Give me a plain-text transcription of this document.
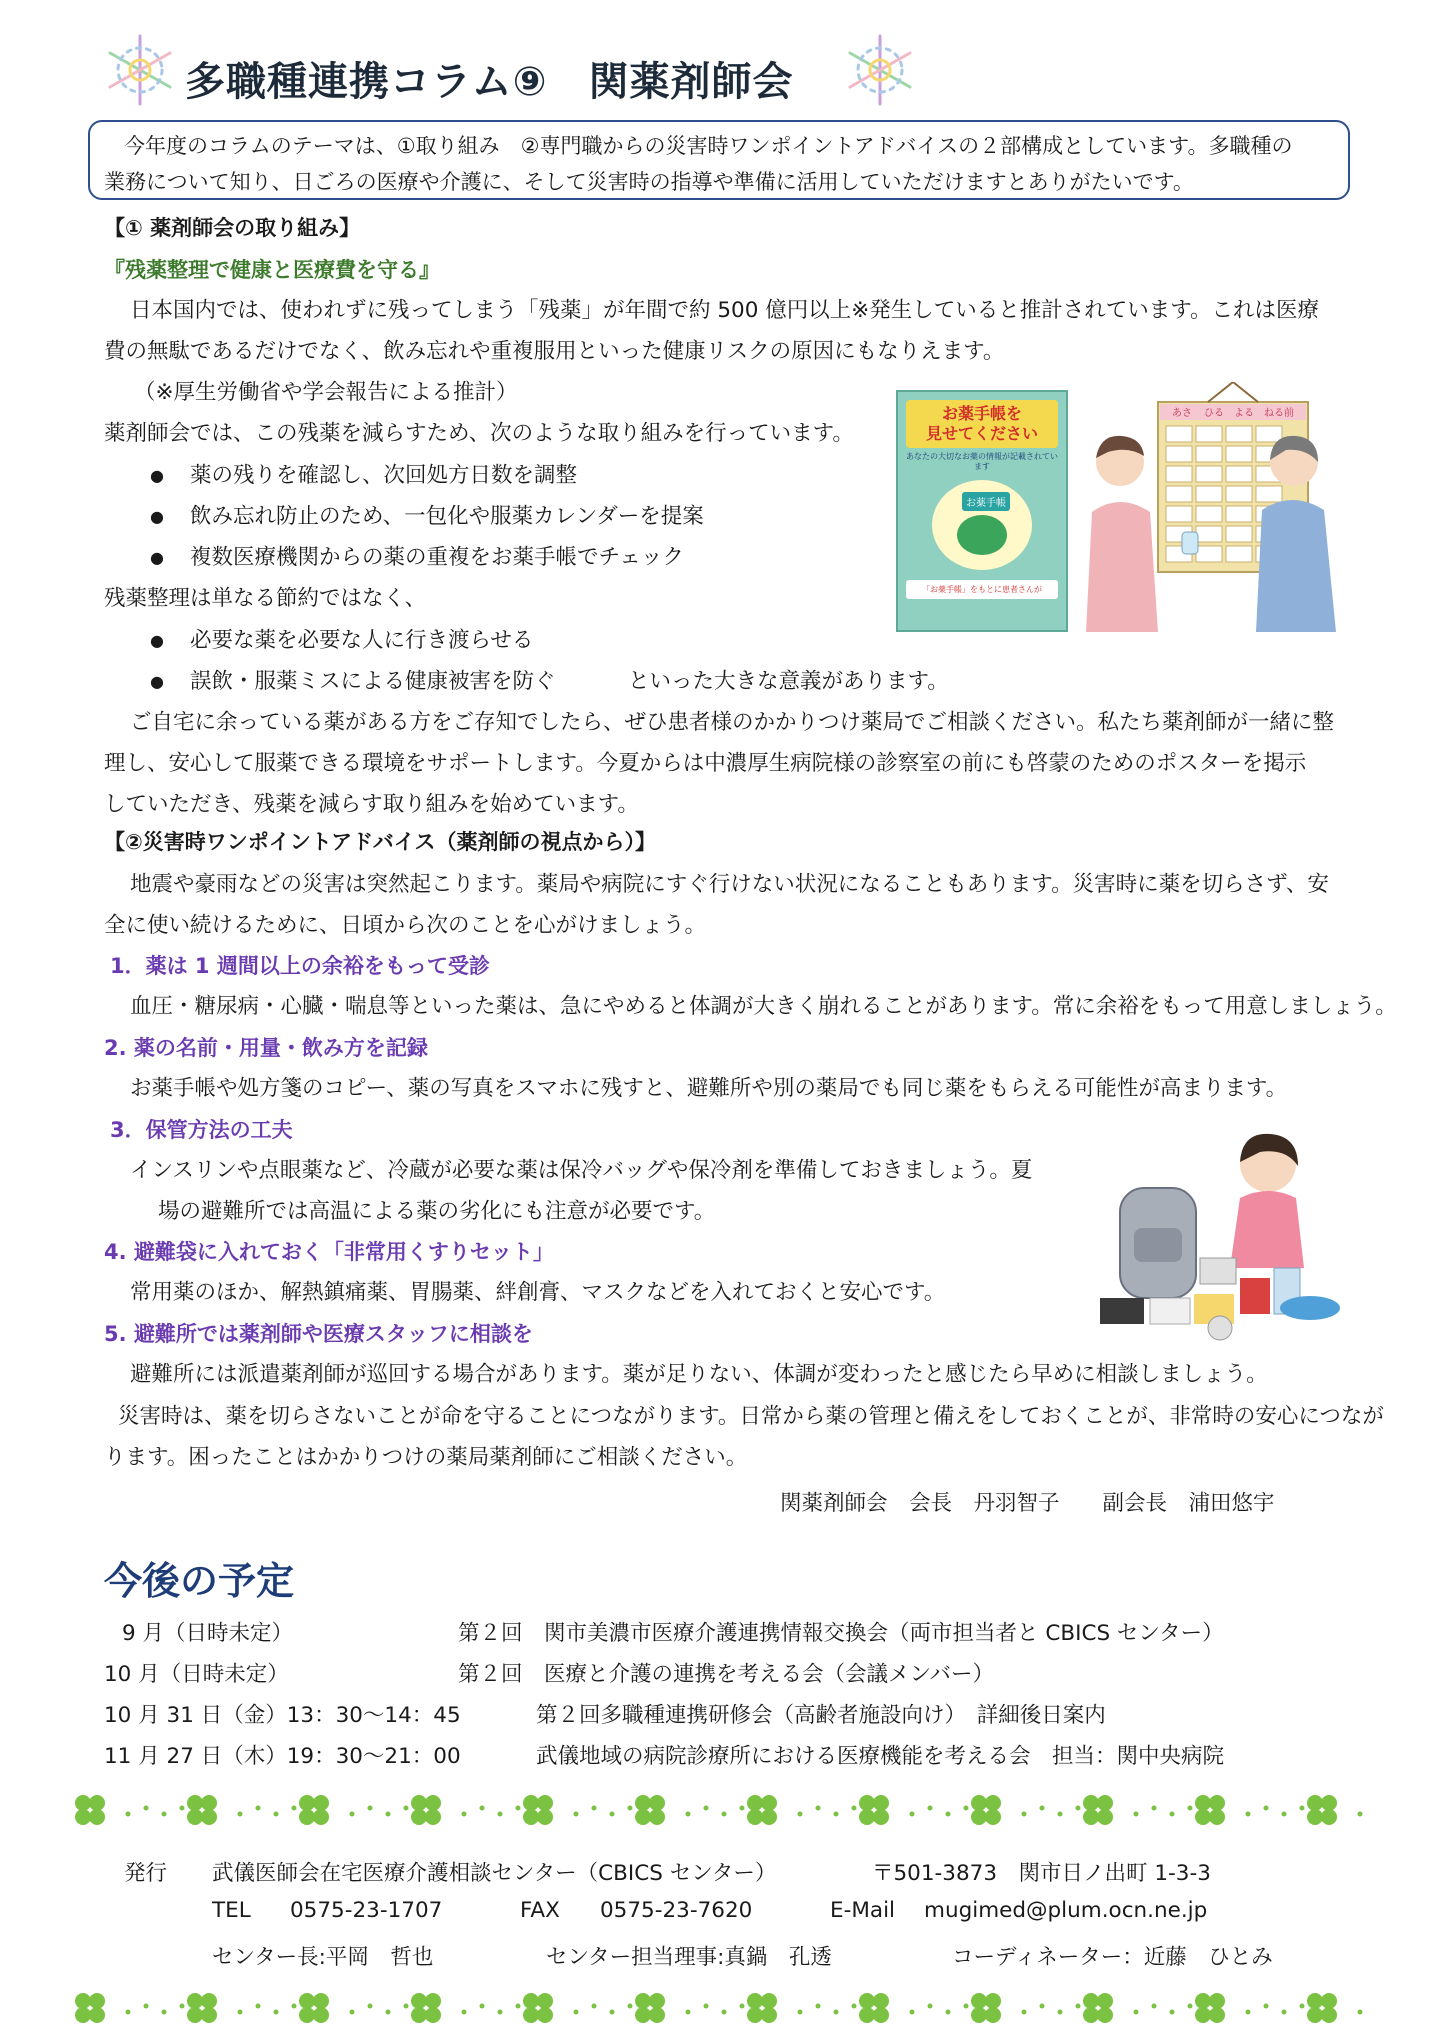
多職種連携コラム⑨　関薬剤師会

今年度のコラムのテーマは、①取り組み　②専門職からの災害時ワンポイントアドバイスの２部構成としています。多職種の

業務について知り、日ごろの医療や介護に、そして災害時の指導や準備に活用していただけますとありがたいです。

【① 薬剤師会の取り組み】
『残薬整理で健康と医療費を守る』
日本国内では、使われずに残ってしまう「残薬」が年間で約 500 億円以上※発生していると推計されています。これは医療
費の無駄であるだけでなく、飲み忘れや重複服用といった健康リスクの原因にもなりえます。
（※厚生労働省や学会報告による推計）
薬剤師会では、この残薬を減らすため、次のような取り組みを行っています。
薬の残りを確認し、次回処方日数を調整
飲み忘れ防止のため、一包化や服薬カレンダーを提案
複数医療機関からの薬の重複をお薬手帳でチェック
●
●
●
残薬整理は単なる節約ではなく、
必要な薬を必要な人に行き渡らせる
誤飲・服薬ミスによる健康被害を防ぐ	といった大きな意義があります。
●
●
ご自宅に余っている薬がある方をご存知でしたら、ぜひ患者様のかかりつけ薬局でご相談ください。私たち薬剤師が一緒に整
理し、安心して服薬できる環境をサポートします。今夏からは中濃厚生病院様の診察室の前にも啓蒙のためのポスターを掲示
していただき、残薬を減らす取り組みを始めています。
お薬手帳を
見せてください
あなたの大切なお薬の情報が記載されています
お薬手帳
「お薬手帳」をもとに患者さんが
あさ ひる よる ねる前
【②災害時ワンポイントアドバイス（薬剤師の視点から）】
地震や豪雨などの災害は突然起こります。薬局や病院にすぐ行けない状況になることもあります。災害時に薬を切らさず、安
全に使い続けるために、日頃から次のことを心がけましょう。
1．薬は 1 週間以上の余裕をもって受診
血圧・糖尿病・心臓・喘息等といった薬は、急にやめると体調が大きく崩れることがあります。常に余裕をもって用意しましょう。
2. 薬の名前・用量・飲み方を記録
お薬手帳や処方箋のコピー、薬の写真をスマホに残すと、避難所や別の薬局でも同じ薬をもらえる可能性が高まります。
3．保管方法の工夫
インスリンや点眼薬など、冷蔵が必要な薬は保冷バッグや保冷剤を準備しておきましょう。夏
場の避難所では高温による薬の劣化にも注意が必要です。
4. 避難袋に入れておく「非常用くすりセット」
常用薬のほか、解熱鎮痛薬、胃腸薬、絆創膏、マスクなどを入れておくと安心です。
5. 避難所では薬剤師や医療スタッフに相談を
避難所には派遣薬剤師が巡回する場合があります。薬が足りない、体調が変わったと感じたら早めに相談しましょう。
災害時は、薬を切らさないことが命を守ることにつながります。日常から薬の管理と備えをしておくことが、非常時の安心につなが
ります。困ったことはかかりつけの薬局薬剤師にご相談ください。
関薬剤師会　会長　丹羽智子　　副会長　浦田悠宇
今後の予定
9 月（日時未定）	第２回　関市美濃市医療介護連携情報交換会（両市担当者と CBICS センター）
10 月（日時未定）	第２回　医療と介護の連携を考える会（会議メンバー）
10 月 31 日（金）13：30～14：45	第２回多職種連携研修会（高齢者施設向け）　詳細後日案内
11 月 27 日（木）19：30～21：00	武儀地域の病院診療所における医療機能を考える会　担当：関中央病院
発行 武儀医師会在宅医療介護相談センター（CBICS センター）	〒501-3873　関市日ノ出町 1-3-3
TEL 0575-23-1707	FAX 0575-23-7620	E-Mail mugimed@plum.ocn.ne.jp
センター長:平岡　哲也	センター担当理事:真鍋　孔透	コーディネーター：近藤　ひとみ
